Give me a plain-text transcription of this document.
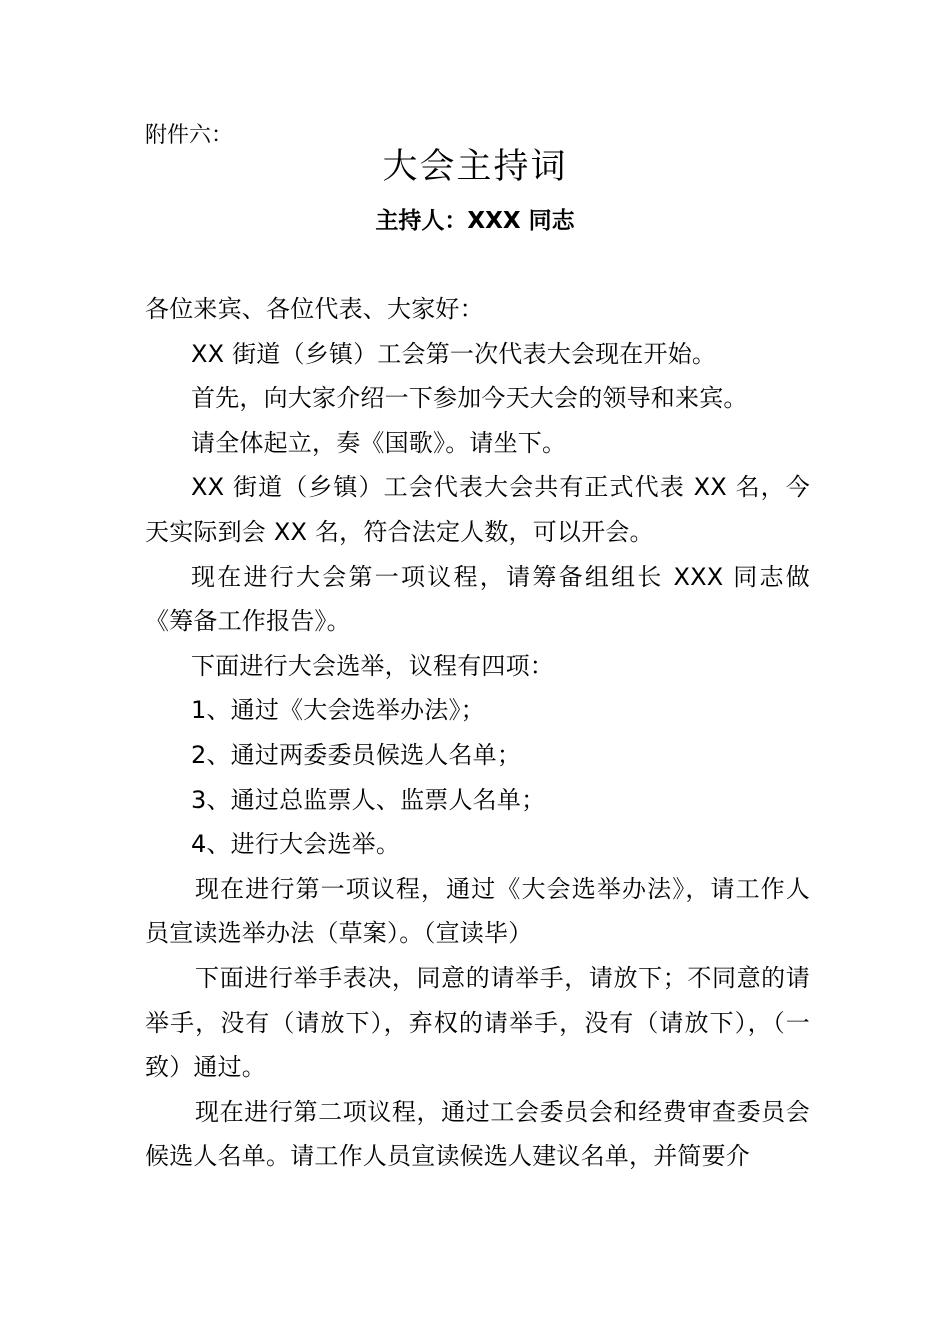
附件六：
大会主持词
主持人：XXX 同志

各位来宾、各位代表、大家好：

XX 街道（乡镇）工会第一次代表大会现在开始。

首先，向大家介绍一下参加今天大会的领导和来宾。

请全体起立，奏《国歌》。请坐下。

XX 街道（乡镇）工会代表大会共有正式代表 XX 名，今天实际到会 XX 名，符合法定人数，可以开会。

现在进行大会第一项议程，请筹备组组长 XXX 同志做《筹备工作报告》。

下面进行大会选举，议程有四项：

1、通过《大会选举办法》；

2、通过两委委员候选人名单；

3、通过总监票人、监票人名单；

4、进行大会选举。

现在进行第一项议程，通过《大会选举办法》，请工作人员宣读选举办法（草案）。（宣读毕）

下面进行举手表决，同意的请举手，请放下；不同意的请举手，没有（请放下），弃权的请举手，没有（请放下），（一致）通过。

现在进行第二项议程，通过工会委员会和经费审查委员会候选人名单。请工作人员宣读候选人建议名单，并简要介
